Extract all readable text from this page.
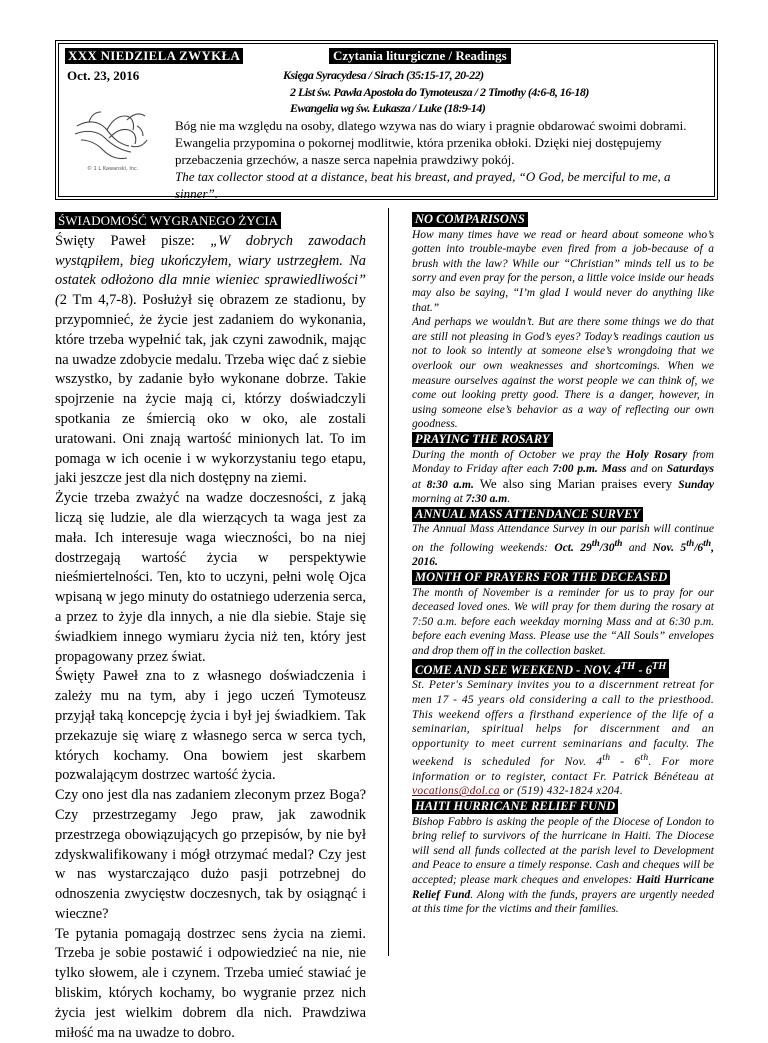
XXX NIEDZIELA ZWYKŁA
Oct. 23, 2016
Czytania liturgiczne / Readings
Księga Syracydesa / Sirach (35:15-17, 20-22)
2 List św. Pawła Apostoła do Tymoteusza / 2 Timothy (4:6-8, 16-18)
Ewangelia wg św. Łukasza / Luke (18:9-14)
© 1 L Kawanski, Inc.

Bóg nie ma względu na osoby, dlatego wzywa nas do wiary i pragnie obdarować swoimi dobrami. Ewangelia przypomina o pokornej modlitwie, która przenika obłoki. Dzięki niej dostępujemy przebaczenia grzechów, a nasze serca napełnia prawdziwy pokój.

The tax collector stood at a distance, beat his breast, and prayed, “O God, be merciful to me, a sinner”.

ŚWIADOMOŚĆ WYGRANEGO ŻYCIA

Święty Paweł pisze: „W dobrych zawodach wystąpiłem, bieg ukończyłem, wiary ustrzegłem. Na ostatek odłożono dla mnie wieniec sprawiedliwości” (2 Tm 4,7-8). Posłużył się obrazem ze stadionu, by przypomnieć, że życie jest zadaniem do wykonania, które trzeba wypełnić tak, jak czyni zawodnik, mając na uwadze zdobycie medalu. Trzeba więc dać z siebie wszystko, by zadanie było wykonane dobrze. Takie spojrzenie na życie mają ci, którzy doświadczyli spotkania ze śmiercią oko w oko, ale zostali uratowani. Oni znają wartość minionych lat. To im pomaga w ich ocenie i w wykorzystaniu tego etapu, jaki jeszcze jest dla nich dostępny na ziemi.

Życie trzeba zważyć na wadze doczesności, z jaką liczą się ludzie, ale dla wierzących ta waga jest za mała. Ich interesuje waga wieczności, bo na niej dostrzegają wartość życia w perspektywie nieśmiertelności. Ten, kto to uczyni, pełni wolę Ojca wpisaną w jego minuty do ostatniego uderzenia serca, a przez to żyje dla innych, a nie dla siebie. Staje się świadkiem innego wymiaru życia niż ten, który jest propagowany przez świat.

Święty Paweł zna to z własnego doświadczenia i zależy mu na tym, aby i jego uczeń Tymoteusz przyjął taką koncepcję życia i był jej świadkiem. Tak przekazuje się wiarę z własnego serca w serca tych, których kochamy. Ona bowiem jest skarbem pozwalającym dostrzec wartość życia.

Czy ono jest dla nas zadaniem zleconym przez Boga? Czy przestrzegamy Jego praw, jak zawodnik przestrzega obowiązujących go przepisów, by nie był zdyskwalifikowany i mógł otrzymać medal? Czy jest w nas wystarczająco dużo pasji potrzebnej do odnoszenia zwycięstw doczesnych, tak by osiągnąć i wieczne?

Te pytania pomagają dostrzec sens życia na ziemi. Trzeba je sobie postawić i odpowiedzieć na nie, nie tylko słowem, ale i czynem. Trzeba umieć stawiać je bliskim, których kochamy, bo wygranie przez nich życia jest wielkim dobrem dla nich. Prawdziwa miłość ma na uwadze to dobro.

NO COMPARISONS

How many times have we read or heard about someone who’s gotten into trouble-maybe even fired from a job-because of a brush with the law? While our “Christian” minds tell us to be sorry and even pray for the person, a little voice inside our heads may also be saying, “I’m glad I would never do anything like that.”

And perhaps we wouldn’t. But are there some things we do that are still not pleasing in God’s eyes? Today’s readings caution us not to look so intently at someone else’s wrongdoing that we overlook our own weaknesses and shortcomings. When we measure ourselves against the worst people we can think of, we come out looking pretty good. There is a danger, however, in using someone else’s behavior as a way of reflecting our own goodness.

PRAYING THE ROSARY

During the month of October we pray the Holy Rosary from Monday to Friday after each 7:00 p.m. Mass and on Saturdays at 8:30 a.m. We also sing Marian praises every Sunday morning at 7:30 a.m.

ANNUAL MASS ATTENDANCE SURVEY

The Annual Mass Attendance Survey in our parish will continue on the following weekends: Oct. 29th/30th and Nov. 5th/6th, 2016.

MONTH OF PRAYERS FOR THE DECEASED

The month of November is a reminder for us to pray for our deceased loved ones. We will pray for them during the rosary at 7:50 a.m. before each weekday morning Mass and at 6:30 p.m. before each evening Mass. Please use the “All Souls” envelopes and drop them off in the collection basket.

COME AND SEE WEEKEND - NOV. 4TH - 6TH

St. Peter's Seminary invites you to a discernment retreat for men 17 - 45 years old considering a call to the priesthood. This weekend offers a firsthand experience of the life of a seminarian, spiritual helps for discernment and an opportunity to meet current seminarians and faculty. The weekend is scheduled for Nov. 4th - 6th. For more information or to register, contact Fr. Patrick Bénéteau at vocations@dol.ca or (519) 432-1824 x204.

HAITI HURRICANE RELIEF FUND

Bishop Fabbro is asking the people of the Diocese of London to bring relief to survivors of the hurricane in Haiti. The Diocese will send all funds collected at the parish level to Development and Peace to ensure a timely response. Cash and cheques will be accepted; please mark cheques and envelopes: Haiti Hurricane Relief Fund. Along with the funds, prayers are urgently needed at this time for the victims and their families.
